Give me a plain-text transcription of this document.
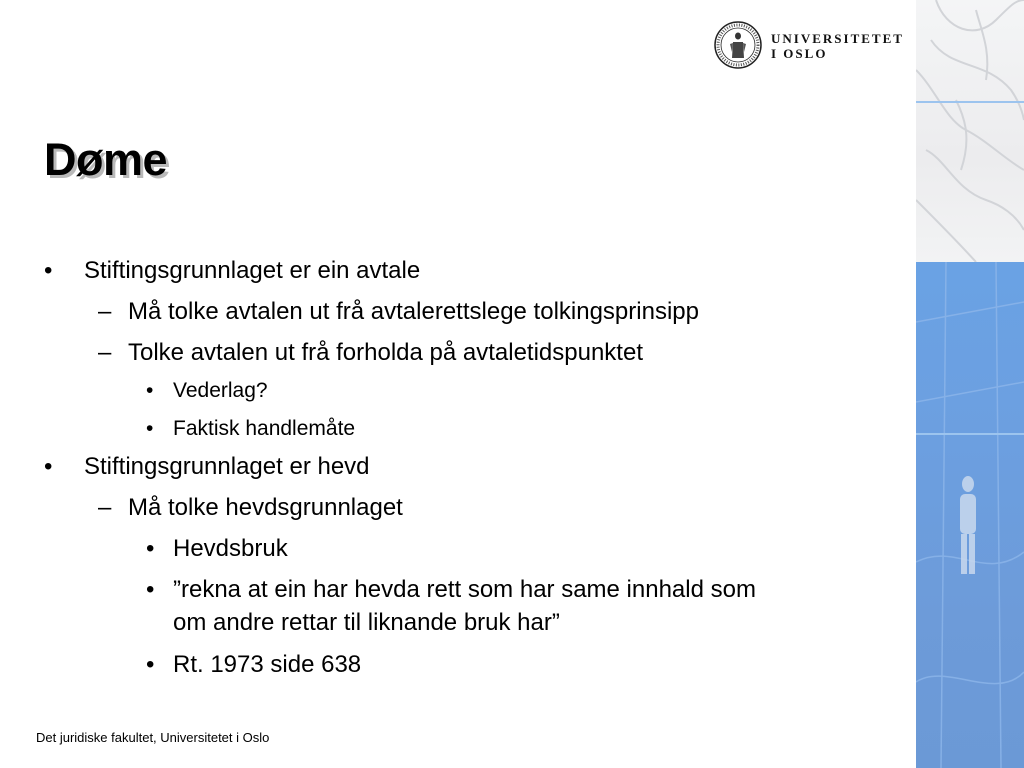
UNIVERSITETET
I OSLO
Døme
• Stiftingsgrunnlaget er ein avtale
– Må tolke avtalen ut frå avtalerettslege tolkingsprinsipp
– Tolke avtalen ut frå forholda på avtaletidspunktet
• Vederlag?
• Faktisk handlemåte
• Stiftingsgrunnlaget er hevd
– Må tolke hevdsgrunnlaget
• Hevdsbruk
• ”rekna at ein har hevda rett som har same innhald som
om andre rettar til liknande bruk har”
• Rt. 1973 side 638
Det juridiske fakultet, Universitetet i Oslo
